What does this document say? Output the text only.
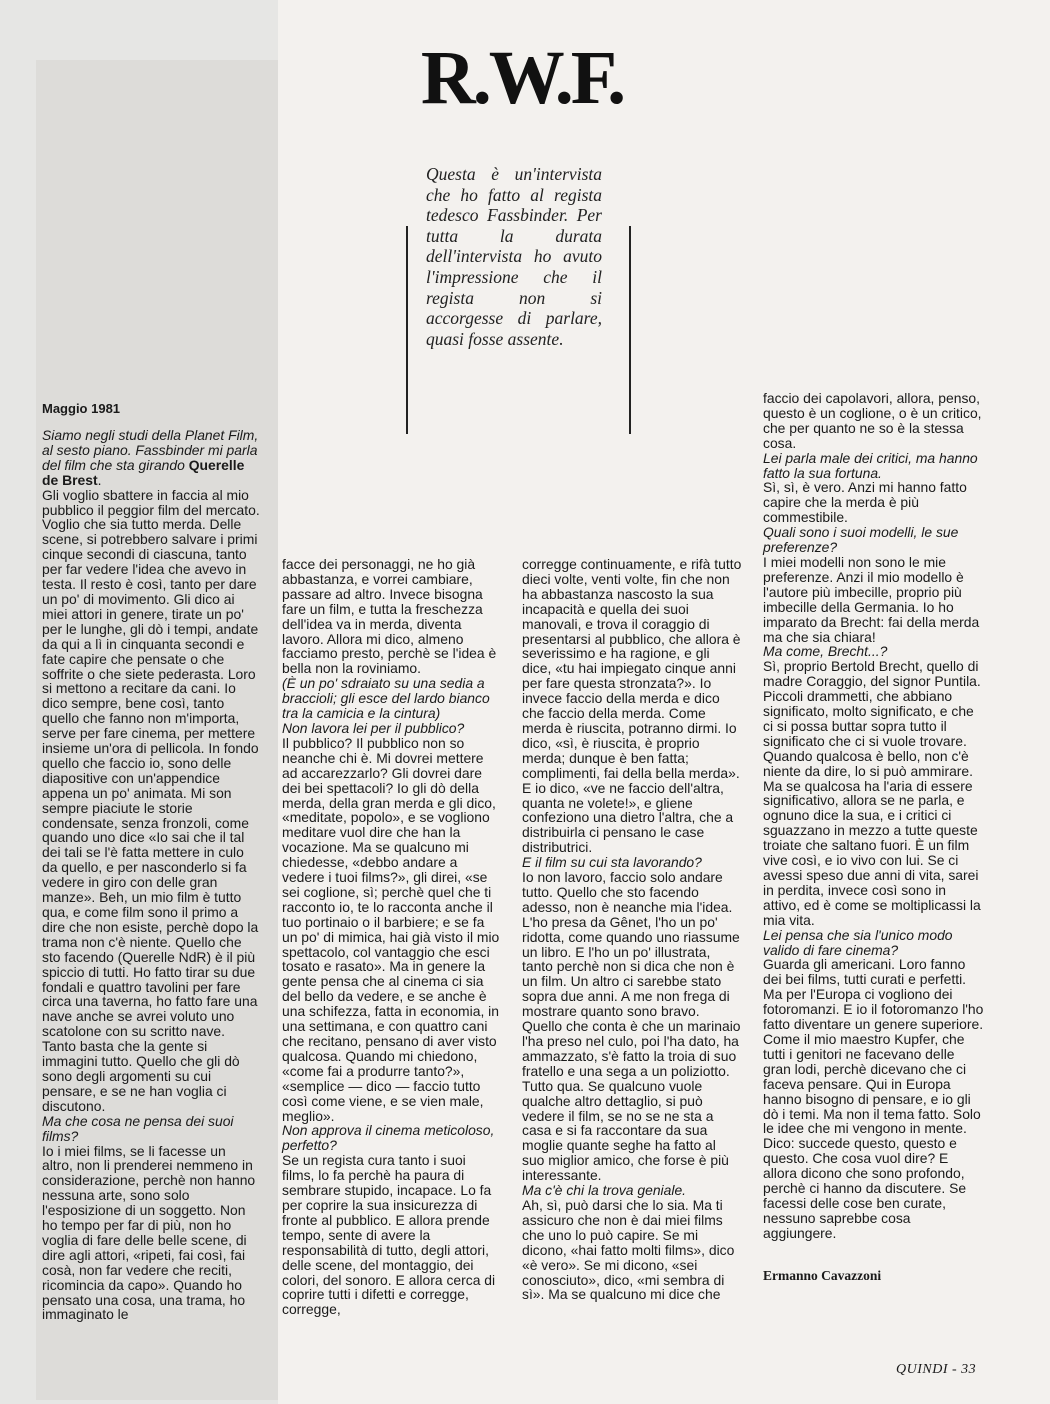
R.W.F.
Questa è un'intervista che ho fatto al regista tedesco Fassbinder. Per tutta la durata dell'intervista ho avuto l'impressione che il regista non si accorgesse di parlare, quasi fosse assente.
Maggio 1981

Siamo negli studi della Planet Film, al sesto piano. Fassbinder mi parla del film che sta girando Querelle de Brest.

Gli voglio sbattere in faccia al mio pubblico il peggior film del mercato. Voglio che sia tutto merda. Delle scene, si potrebbero salvare i primi cinque secondi di ciascuna, tanto per far vedere l'idea che avevo in testa. Il resto è così, tanto per dare un po' di movimento. Gli dico ai miei attori in genere, tirate un po' per le lunghe, gli dò i tempi, andate da qui a lì in cinquanta secondi e fate capire che pensate o che soffrite o che siete pederasta. Loro si mettono a recitare da cani. Io dico sempre, bene così, tanto quello che fanno non m'importa, serve per fare cinema, per mettere insieme un'ora di pellicola. In fondo quello che faccio io, sono delle diapositive con un'appendice appena un po' animata. Mi son sempre piaciute le storie condensate, senza fronzoli, come quando uno dice «Io sai che il tal dei tali se l'è fatta mettere in culo da quello, e per nasconderlo si fa vedere in giro con delle gran manze». Beh, un mio film è tutto qua, e come film sono il primo a dire che non esiste, perchè dopo la trama non c'è niente. Quello che sto facendo (Querelle NdR) è il più spiccio di tutti. Ho fatto tirar su due fondali e quattro tavolini per fare circa una taverna, ho fatto fare una nave anche se avrei voluto uno scatolone con su scritto nave. Tanto basta che la gente si immagini tutto. Quello che gli dò sono degli argomenti su cui pensare, e se ne han voglia ci discutono.

Ma che cosa ne pensa dei suoi films?

Io i miei films, se li facesse un altro, non li prenderei nemmeno in considerazione, perchè non hanno nessuna arte, sono solo l'esposizione di un soggetto. Non ho tempo per far di più, non ho voglia di fare delle belle scene, di dire agli attori, «ripeti, fai così, fai cosà, non far vedere che reciti, ricomincia da capo». Quando ho pensato una cosa, una trama, ho immaginato le

facce dei personaggi, ne ho già abbastanza, e vorrei cambiare, passare ad altro. Invece bisogna fare un film, e tutta la freschezza dell'idea va in merda, diventa lavoro. Allora mi dico, almeno facciamo presto, perchè se l'idea è bella non la roviniamo.

(È un po' sdraiato su una sedia a braccioli; gli esce del lardo bianco tra la camicia e la cintura)

Non lavora lei per il pubblico?

Il pubblico? Il pubblico non so neanche chi è. Mi dovrei mettere ad accarezzarlo? Gli dovrei dare dei bei spettacoli? Io gli dò della merda, della gran merda e gli dico, «meditate, popolo», e se vogliono meditare vuol dire che han la vocazione. Ma se qualcuno mi chiedesse, «debbo andare a vedere i tuoi films?», gli direi, «se sei coglione, sì; perchè quel che ti racconto io, te lo racconta anche il tuo portinaio o il barbiere; e se fa un po' di mimica, hai già visto il mio spettacolo, col vantaggio che esci tosato e rasato». Ma in genere la gente pensa che al cinema ci sia del bello da vedere, e se anche è una schifezza, fatta in economia, in una settimana, e con quattro cani che recitano, pensano di aver visto qualcosa. Quando mi chiedono, «come fai a produrre tanto?», «semplice — dico — faccio tutto così come viene, e se vien male, meglio».

Non approva il cinema meticoloso, perfetto?

Se un regista cura tanto i suoi films, lo fa perchè ha paura di sembrare stupido, incapace. Lo fa per coprire la sua insicurezza di fronte al pubblico. E allora prende tempo, sente di avere la responsabilità di tutto, degli attori, delle scene, del montaggio, dei colori, del sonoro. E allora cerca di coprire tutti i difetti e corregge, corregge,

corregge continuamente, e rifà tutto dieci volte, venti volte, fin che non ha abbastanza nascosto la sua incapacità e quella dei suoi manovali, e trova il coraggio di presentarsi al pubblico, che allora è severissimo e ha ragione, e gli dice, «tu hai impiegato cinque anni per fare questa stronzata?». Io invece faccio della merda e dico che faccio della merda. Come merda è riuscita, potranno dirmi. Io dico, «sì, è riuscita, è proprio merda; dunque è ben fatta; complimenti, fai della bella merda». E io dico, «ve ne faccio dell'altra, quanta ne volete!», e gliene confeziono una dietro l'altra, che a distribuirla ci pensano le case distributrici.

E il film su cui sta lavorando?

Io non lavoro, faccio solo andare tutto. Quello che sto facendo adesso, non è neanche mia l'idea. L'ho presa da Gênet, l'ho un po' ridotta, come quando uno riassume un libro. E l'ho un po' illustrata, tanto perchè non si dica che non è un film. Un altro ci sarebbe stato sopra due anni. A me non frega di mostrare quanto sono bravo. Quello che conta è che un marinaio l'ha preso nel culo, poi l'ha dato, ha ammazzato, s'è fatto la troia di suo fratello e una sega a un poliziotto. Tutto qua. Se qualcuno vuole qualche altro dettaglio, si può vedere il film, se no se ne sta a casa e si fa raccontare da sua moglie quante seghe ha fatto al suo miglior amico, che forse è più interessante.

Ma c'è chi la trova geniale.

Ah, sì, può darsi che lo sia. Ma ti assicuro che non è dai miei films che uno lo può capire. Se mi dicono, «hai fatto molti films», dico «è vero». Se mi dicono, «sei conosciuto», dico, «mi sembra di sì». Ma se qualcuno mi dice che

faccio dei capolavori, allora, penso, questo è un coglione, o è un critico, che per quanto ne so è la stessa cosa.

Lei parla male dei critici, ma hanno fatto la sua fortuna.

Sì, sì, è vero. Anzi mi hanno fatto capire che la merda è più commestibile.

Quali sono i suoi modelli, le sue preferenze?

I miei modelli non sono le mie preferenze. Anzi il mio modello è l'autore più imbecille, proprio più imbecille della Germania. Io ho imparato da Brecht: fai della merda ma che sia chiara!

Ma come, Brecht...?

Sì, proprio Bertold Brecht, quello di madre Coraggio, del signor Puntila. Piccoli drammetti, che abbiano significato, molto significato, e che ci si possa buttar sopra tutto il significato che ci si vuole trovare. Quando qualcosa è bello, non c'è niente da dire, lo si può ammirare. Ma se qualcosa ha l'aria di essere significativo, allora se ne parla, e ognuno dice la sua, e i critici ci sguazzano in mezzo a tutte queste troiate che saltano fuori. È un film vive così, e io vivo con lui. Se ci avessi speso due anni di vita, sarei in perdita, invece così sono in attivo, ed è come se moltiplicassi la mia vita.

Lei pensa che sia l'unico modo valido di fare cinema?

Guarda gli americani. Loro fanno dei bei films, tutti curati e perfetti. Ma per l'Europa ci vogliono dei fotoromanzi. E io il fotoromanzo l'ho fatto diventare un genere superiore. Come il mio maestro Kupfer, che tutti i genitori ne facevano delle gran lodi, perchè dicevano che ci faceva pensare. Qui in Europa hanno bisogno di pensare, e io gli dò i temi. Ma non il tema fatto. Solo le idee che mi vengono in mente. Dico: succede questo, questo e questo. Che cosa vuol dire? E allora dicono che sono profondo, perchè ci hanno da discutere. Se facessi delle cose ben curate, nessuno saprebbe cosa aggiungere.

Ermanno Cavazzoni
QUINDI - 33
